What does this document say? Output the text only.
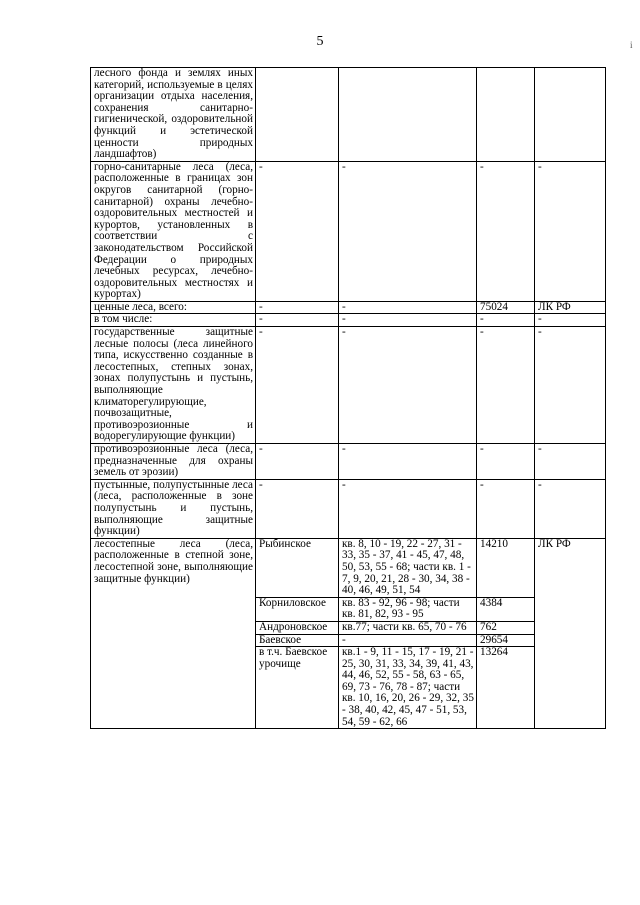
5	i
лесного фонда и землях иных категорий, используемые в целях организации отдыха населения, сохранения санитарно-гигиенической, оздоровительной функций и эстетической ценности природных ландшафтов)				
горно-санитарные леса (леса, расположенные в границах зон округов санитарной (горно-санитарной) охраны лечебно-оздоровительных местностей и курортов, установленных в соответствии с законодательством Российской Федерации о природных лечебных ресурсах, лечебно-оздоровительных местностях и курортах)	-	-	-	-
ценные леса, всего:	-	-	75024	ЛК РФ
в том числе:	-	-	-	-
государственные защитные лесные полосы (леса линейного типа, искусственно созданные в лесостепных, степных зонах, зонах полупустынь и пустынь, выполняющие климаторегулирующие, почвозащитные, противоэрозионные и водорегулирующие функции)	-	-	-	-
противоэрозионные леса (леса, предназначенные для охраны земель от эрозии)	-	-	-	-
пустынные, полупустынные леса (леса, расположенные в зоне полупустынь и пустынь, выполняющие защитные функции)	-	-	-	-
лесостепные леса (леса, расположенные в степной зоне, лесостепной зоне, выполняющие защитные функции)	Рыбинское	кв. 8, 10 - 19, 22 - 27, 31 - 33, 35 - 37, 41 - 45, 47, 48, 50, 53, 55 - 68; части кв. 1 - 7, 9, 20, 21, 28 - 30, 34, 38 - 40, 46, 49, 51, 54	14210	ЛК РФ
	Корниловское	кв. 83 - 92, 96 - 98; части кв. 81, 82, 93 - 95	4384	
	Андроновское	кв.77; части кв. 65, 70 - 76	762	
	Баевское	-	29654	
	в т.ч. Баевское урочище	кв.1 - 9, 11 - 15, 17 - 19, 21 - 25, 30, 31, 33, 34, 39, 41, 43, 44, 46, 52, 55 - 58, 63 - 65, 69, 73 - 76, 78 - 87; части кв. 10, 16, 20, 26 - 29, 32, 35 - 38, 40, 42, 45, 47 - 51, 53, 54, 59 - 62, 66	13264	
